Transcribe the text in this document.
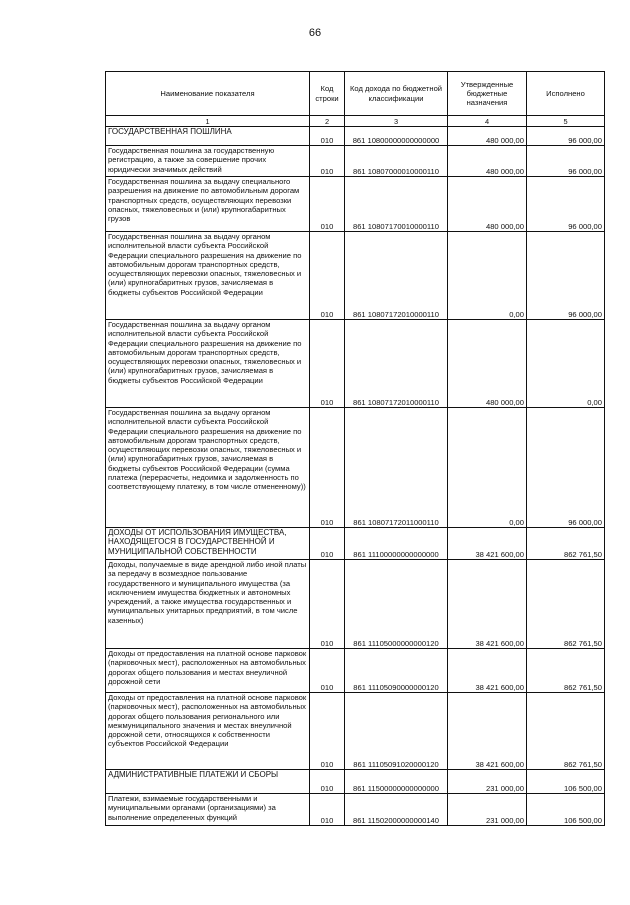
66
Наименование показателя	Код строки	Код дохода по бюджетной классификации	Утвержденные бюджетные назначения	Исполнено
1	2	3	4	5
ГОСУДАРСТВЕННАЯ ПОШЛИНА	010	861 10800000000000000	480 000,00	96 000,00
Государственная пошлина за государственную регистрацию, а также за совершение прочих юридически значимых действий	010	861 10807000010000110	480 000,00	96 000,00
Государственная пошлина за выдачу специального разрешения на движение по автомобильным дорогам транспортных средств, осуществляющих перевозки опасных, тяжеловесных и (или) крупногабаритных грузов	010	861 10807170010000110	480 000,00	96 000,00
Государственная пошлина за выдачу органом исполнительной власти субъекта Российской Федерации специального разрешения на движение по автомобильным дорогам транспортных средств, осуществляющих перевозки опасных, тяжеловесных и (или) крупногабаритных грузов, зачисляемая в бюджеты субъектов Российской Федерации	010	861 10807172010000110	0,00	96 000,00
Государственная пошлина за выдачу органом исполнительной власти субъекта Российской Федерации специального разрешения на движение по автомобильным дорогам транспортных средств, осуществляющих перевозки опасных, тяжеловесных и (или) крупногабаритных грузов, зачисляемая в бюджеты субъектов Российской Федерации	010	861 10807172010000110	480 000,00	0,00
Государственная пошлина за выдачу органом исполнительной власти субъекта Российской Федерации специального разрешения на движение по автомобильным дорогам транспортных средств, осуществляющих перевозки опасных, тяжеловесных и (или) крупногабаритных грузов, зачисляемая в бюджеты субъектов Российской Федерации (сумма платежа (перерасчеты, недоимка и задолженность по соответствующему платежу, в том числе отмененному))	010	861 10807172011000110	0,00	96 000,00
ДОХОДЫ ОТ ИСПОЛЬЗОВАНИЯ ИМУЩЕСТВА, НАХОДЯЩЕГОСЯ В ГОСУДАРСТВЕННОЙ И МУНИЦИПАЛЬНОЙ СОБСТВЕННОСТИ	010	861 11100000000000000	38 421 600,00	862 761,50
Доходы, получаемые в виде арендной либо иной платы за передачу в возмездное пользование государственного и муниципального имущества (за исключением имущества бюджетных и автономных учреждений, а также имущества государственных и муниципальных унитарных предприятий, в том числе казенных)	010	861 11105000000000120	38 421 600,00	862 761,50
Доходы от предоставления на платной основе парковок (парковочных мест), расположенных на автомобильных дорогах общего пользования и местах внеуличной дорожной сети	010	861 11105090000000120	38 421 600,00	862 761,50
Доходы от предоставления на платной основе парковок (парковочных мест), расположенных на автомобильных дорогах общего пользования регионального или межмуниципального значения и местах внеуличной дорожной сети, относящихся к собственности субъектов Российской Федерации	010	861 11105091020000120	38 421 600,00	862 761,50
АДМИНИСТРАТИВНЫЕ ПЛАТЕЖИ И СБОРЫ	010	861 11500000000000000	231 000,00	106 500,00
Платежи, взимаемые государственными и муниципальными органами (организациями) за выполнение определенных функций	010	861 11502000000000140	231 000,00	106 500,00
